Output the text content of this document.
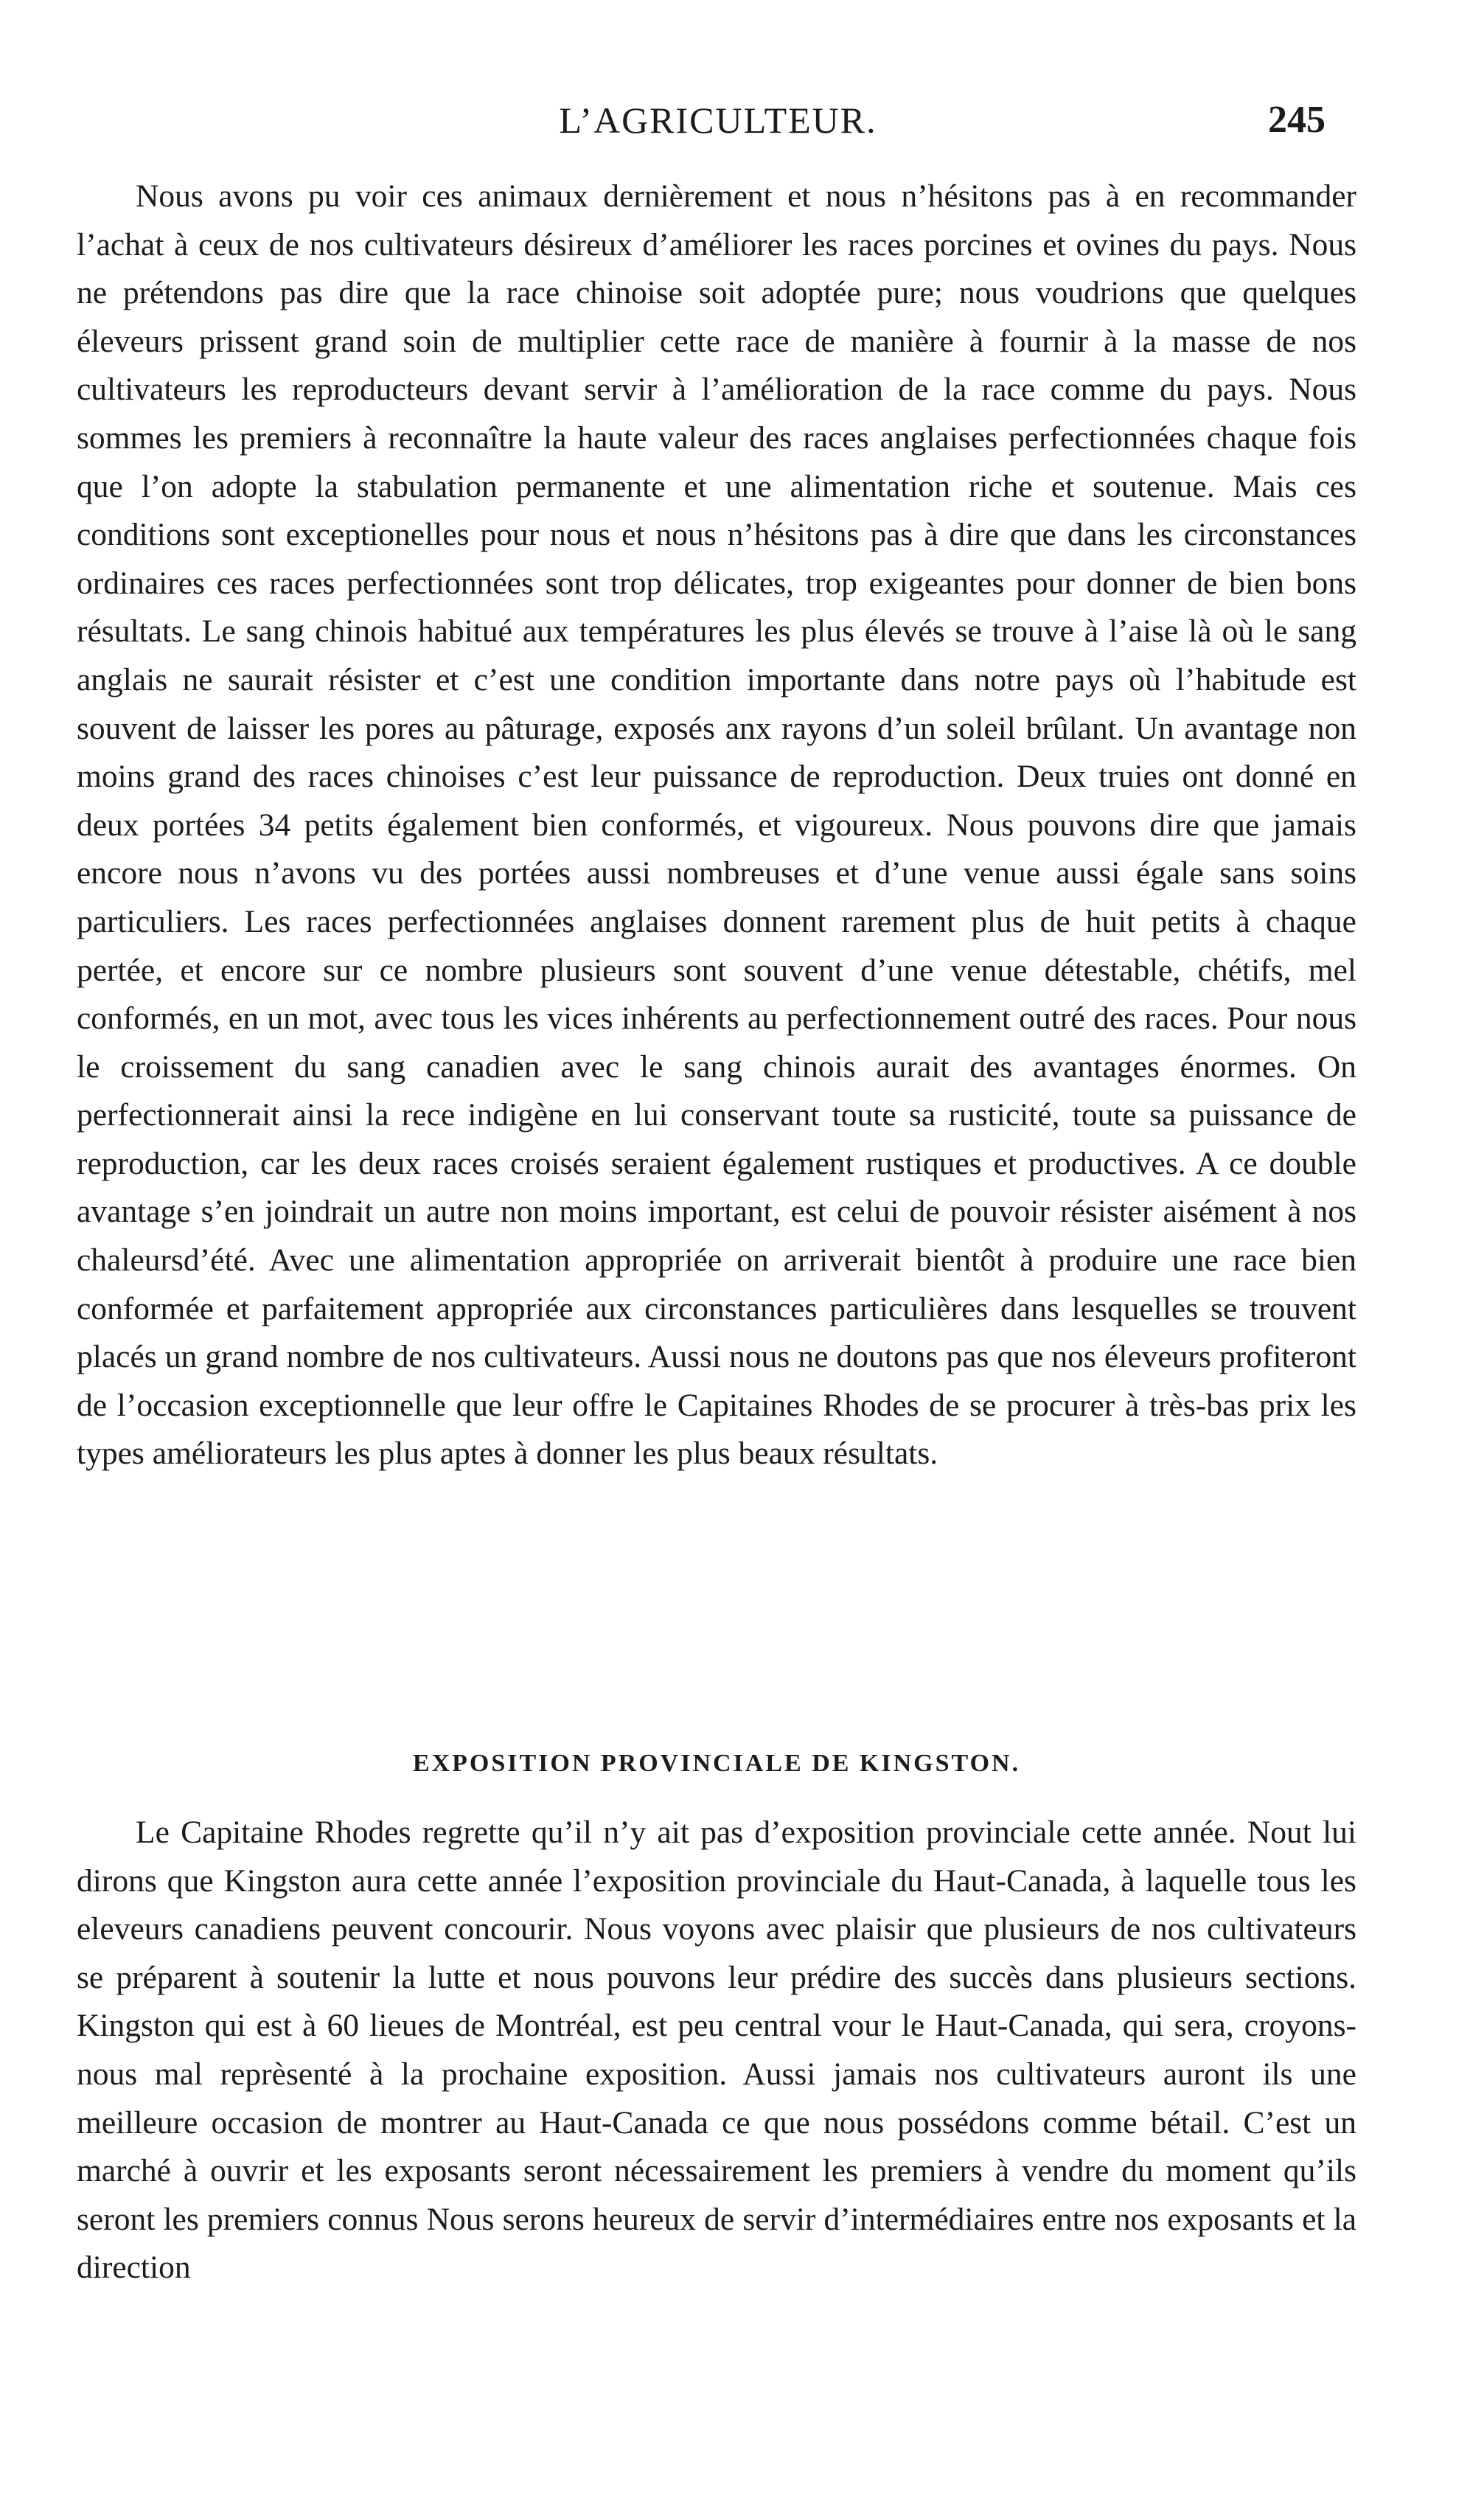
L’AGRICULTEUR.	245

Nous avons pu voir ces animaux dernièrement et nous n’hésitons pas à en recommander l’achat à ceux de nos cultivateurs désireux d’améliorer les races porcines et ovines du pays. Nous ne prétendons pas dire que la race chinoise soit adoptée pure; nous voudrions que quelques éleveurs prissent grand soin de multiplier cette race de manière à fournir à la masse de nos cultivateurs les reproducteurs devant servir à l’amélioration de la race comme du pays. Nous sommes les premiers à reconnaître la haute valeur des races anglaises perfectionnées chaque fois que l’on adopte la stabulation permanente et une alimentation riche et soutenue. Mais ces conditions sont exceptionelles pour nous et nous n’hésitons pas à dire que dans les circonstances ordinaires ces races perfectionnées sont trop délicates, trop exigeantes pour donner de bien bons résultats. Le sang chinois habitué aux températures les plus élevés se trouve à l’aise là où le sang anglais ne saurait résister et c’est une condition importante dans notre pays où l’habitude est souvent de laisser les pores au pâturage, exposés anx rayons d’un soleil brûlant. Un avantage non moins grand des races chinoises c’est leur puissance de reproduction. Deux truies ont donné en deux portées 34 petits également bien conformés, et vigoureux. Nous pouvons dire que jamais encore nous n’avons vu des portées aussi nombreuses et d’une venue aussi égale sans soins particuliers. Les races perfectionnées anglaises donnent rarement plus de huit petits à chaque pertée, et encore sur ce nombre plusieurs sont souvent d’une venue détestable, chétifs, mel conformés, en un mot, avec tous les vices inhérents au perfectionnement outré des races. Pour nous le croissement du sang canadien avec le sang chinois aurait des avantages énormes. On perfectionnerait ainsi la rece indigène en lui conservant toute sa rusticité, toute sa puissance de reproduction, car les deux races croisés seraient également rustiques et productives. A ce double avantage s’en joindrait un autre non moins important, est celui de pouvoir résister aisément à nos chaleursd’été. Avec une alimentation appropriée on arriverait bientôt à produire une race bien conformée et parfaitement appropriée aux circonstances particulières dans lesquelles se trouvent placés un grand nombre de nos cultivateurs. Aussi nous ne doutons pas que nos éleveurs profiteront de l’occasion exceptionnelle que leur offre le Capitaines Rhodes de se procurer à très-bas prix les types améliorateurs les plus aptes à donner les plus beaux résultats.

EXPOSITION PROVINCIALE DE KINGSTON.

Le Capitaine Rhodes regrette qu’il n’y ait pas d’exposition provinciale cette année. Nout lui dirons que Kingston aura cette année l’exposition provinciale du Haut-Canada, à laquelle tous les eleveurs canadiens peuvent concourir. Nous voyons avec plaisir que plusieurs de nos cultivateurs se préparent à soutenir la lutte et nous pouvons leur prédire des succès dans plusieurs sections. Kingston qui est à 60 lieues de Montréal, est peu central vour le Haut-Canada, qui sera, croyons-nous mal reprèsenté à la prochaine exposition. Aussi jamais nos cultivateurs auront ils une meilleure occasion de montrer au Haut-Canada ce que nous possédons comme bétail. C’est un marché à ouvrir et les exposants seront nécessairement les premiers à vendre du moment qu’ils seront les premiers connus Nous serons heureux de servir d’intermédiaires entre nos exposants et la direction
